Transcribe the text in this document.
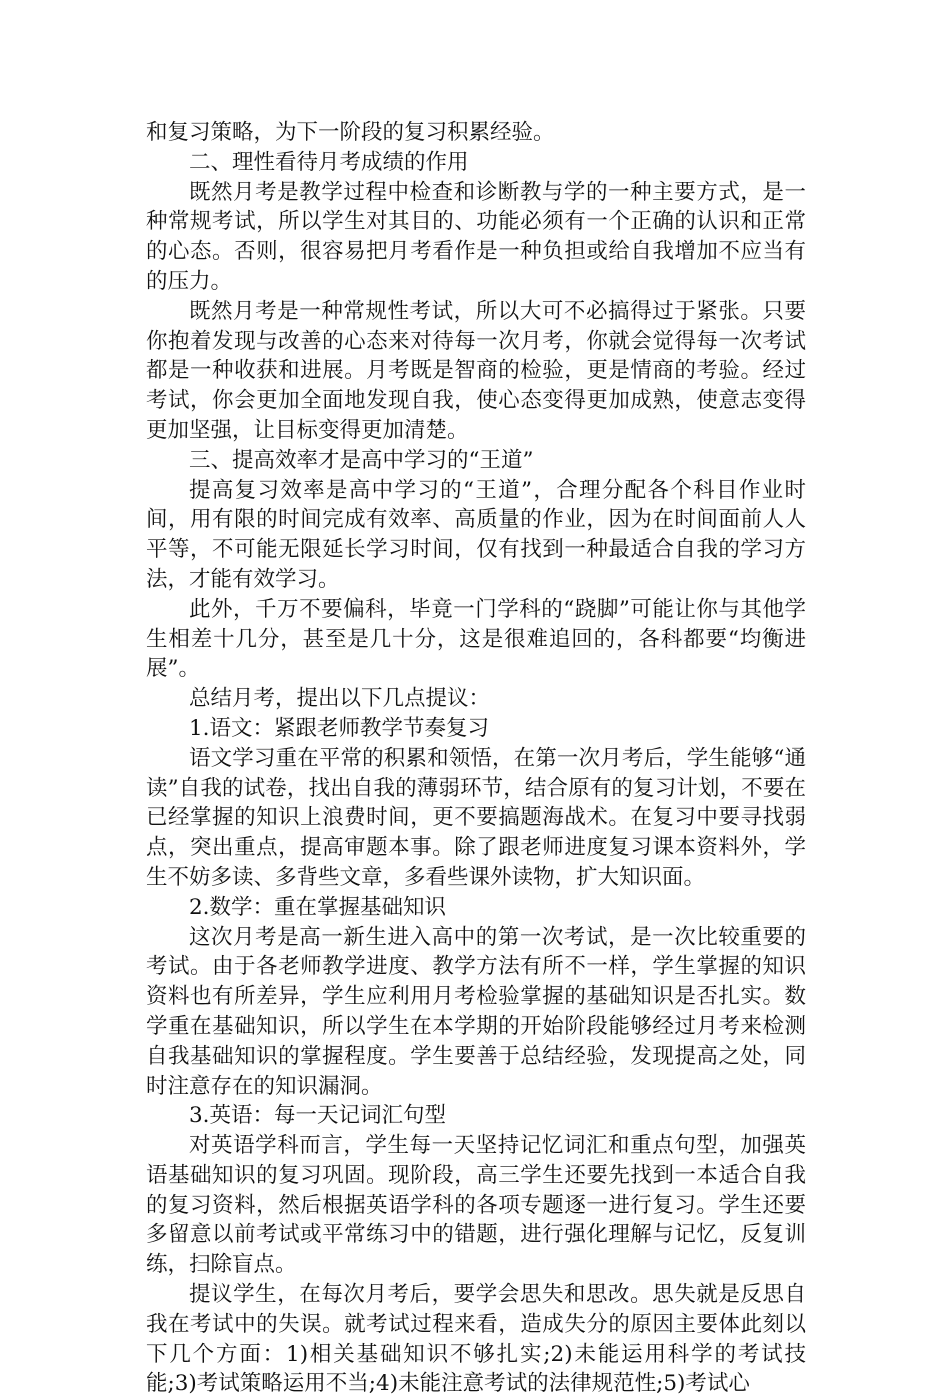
和复习策略，为下一阶段的复习积累经验。

二、理性看待月考成绩的作用

既然月考是教学过程中检查和诊断教与学的一种主要方式，是一种常规考试，所以学生对其目的、功能必须有一个正确的认识和正常的心态。否则，很容易把月考看作是一种负担或给自我增加不应当有的压力。

既然月考是一种常规性考试，所以大可不必搞得过于紧张。只要你抱着发现与改善的心态来对待每一次月考，你就会觉得每一次考试都是一种收获和进展。月考既是智商的检验，更是情商的考验。经过考试，你会更加全面地发现自我，使心态变得更加成熟，使意志变得更加坚强，让目标变得更加清楚。

三、提高效率才是高中学习的“王道”

提高复习效率是高中学习的“王道”，合理分配各个科目作业时间，用有限的时间完成有效率、高质量的作业，因为在时间面前人人平等，不可能无限延长学习时间，仅有找到一种最适合自我的学习方法，才能有效学习。

此外，千万不要偏科，毕竟一门学科的“跷脚”可能让你与其他学生相差十几分，甚至是几十分，这是很难追回的，各科都要“均衡进展”。

总结月考，提出以下几点提议：

1.语文：紧跟老师教学节奏复习

语文学习重在平常的积累和领悟，在第一次月考后，学生能够“通读”自我的试卷，找出自我的薄弱环节，结合原有的复习计划，不要在已经掌握的知识上浪费时间，更不要搞题海战术。在复习中要寻找弱点，突出重点，提高审题本事。除了跟老师进度复习课本资料外，学生不妨多读、多背些文章，多看些课外读物，扩大知识面。

2.数学：重在掌握基础知识

这次月考是高一新生进入高中的第一次考试，是一次比较重要的考试。由于各老师教学进度、教学方法有所不一样，学生掌握的知识资料也有所差异，学生应利用月考检验掌握的基础知识是否扎实。数学重在基础知识，所以学生在本学期的开始阶段能够经过月考来检测自我基础知识的掌握程度。学生要善于总结经验，发现提高之处，同时注意存在的知识漏洞。

3.英语：每一天记词汇句型

对英语学科而言，学生每一天坚持记忆词汇和重点句型，加强英语基础知识的复习巩固。现阶段，高三学生还要先找到一本适合自我的复习资料，然后根据英语学科的各项专题逐一进行复习。学生还要多留意以前考试或平常练习中的错题，进行强化理解与记忆，反复训练，扫除盲点。

提议学生，在每次月考后，要学会思失和思改。思失就是反思自我在考试中的失误。就考试过程来看，造成失分的原因主要体此刻以下几个方面：1)相关基础知识不够扎实;2)未能运用科学的考试技能;3)考试策略运用不当;4)未能注意考试的法律规范性;5)考试心
